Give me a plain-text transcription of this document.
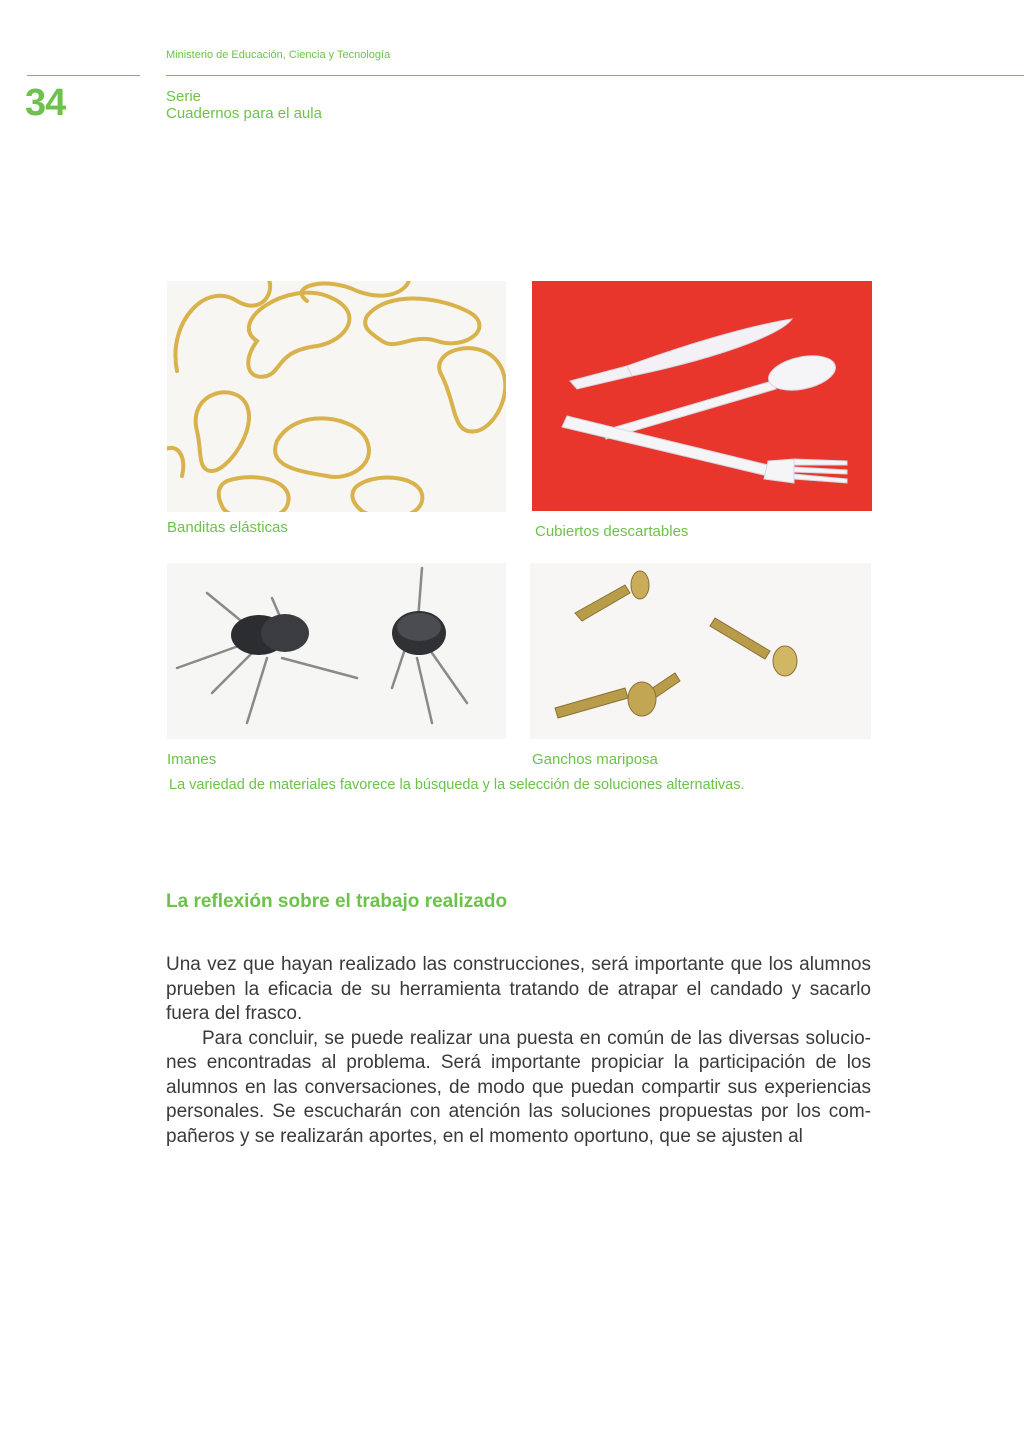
Ministerio de Educación, Ciencia y Tecnología
34	Serie
Cuadernos para el aula
Banditas elásticas	Cubiertos descartables
Imanes	Ganchos mariposa
La variedad de materiales favorece la búsqueda y la selección de soluciones alternativas.
La reflexión sobre el trabajo realizado

Una vez que hayan realizado las construcciones, será importante que los alumnos prueben la eficacia de su herramienta tratando de atrapar el candado y sacarlo fuera del frasco.

Para concluir, se puede realizar una puesta en común de las diversas solucio-nes encontradas al problema. Será importante propiciar la participación de los alumnos en las conversaciones, de modo que puedan compartir sus experiencias personales. Se escucharán con atención las soluciones propuestas por los com-pañeros y se realizarán aportes, en el momento oportuno, que se ajusten al
